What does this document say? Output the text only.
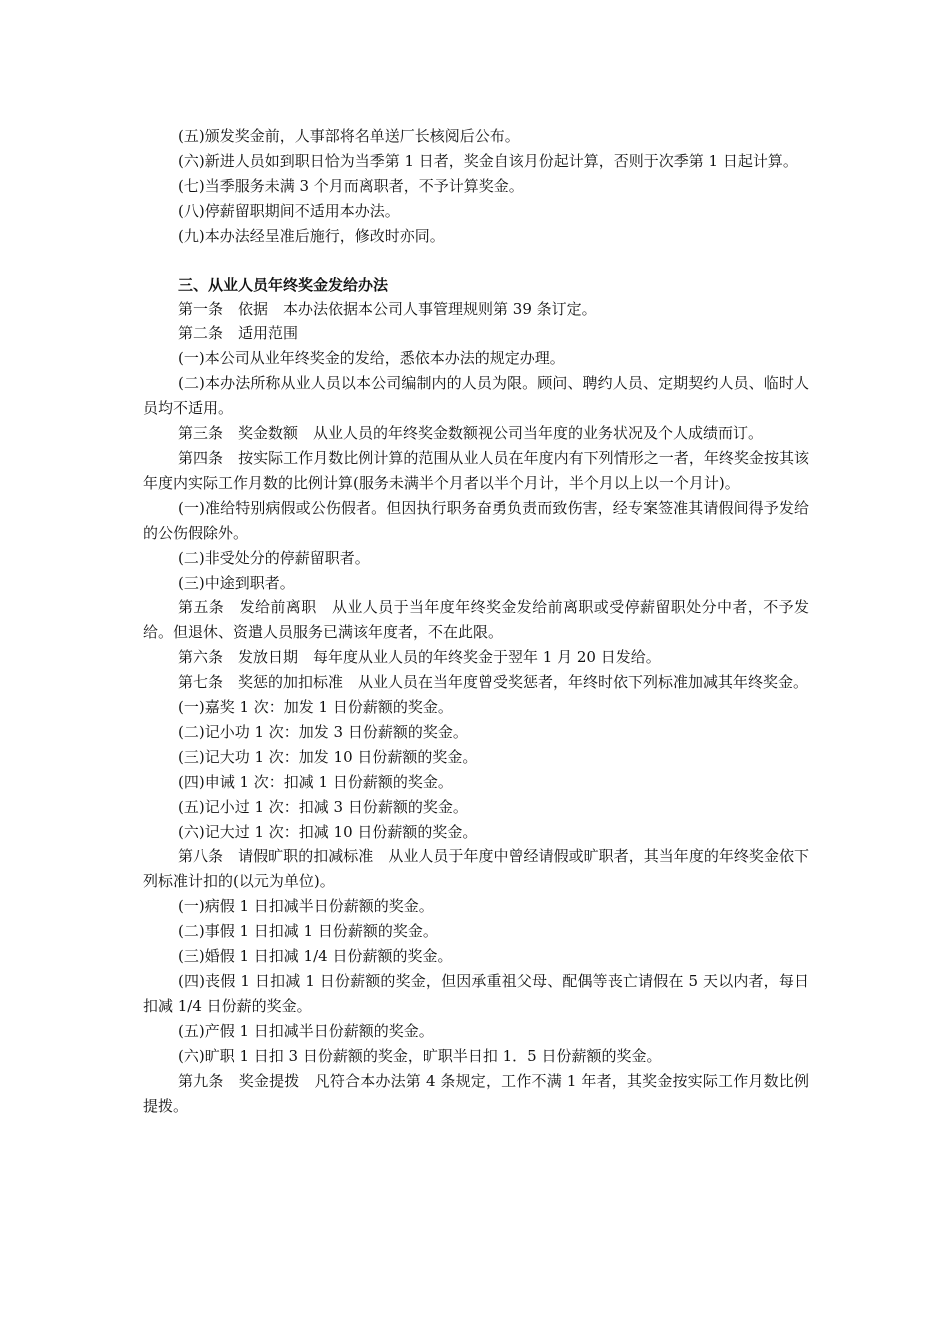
(五)颁发奖金前，人事部将名单送厂长核阅后公布。

(六)新进人员如到职日恰为当季第 1 日者，奖金自该月份起计算，否则于次季第 1 日起计算。

(七)当季服务未满 3 个月而离职者，不予计算奖金。

(八)停薪留职期间不适用本办法。

(九)本办法经呈准后施行，修改时亦同。

三、从业人员年终奖金发给办法

第一条　依据　本办法依据本公司人事管理规则第 39 条订定。

第二条　适用范围

(一)本公司从业年终奖金的发给，悉依本办法的规定办理。

(二)本办法所称从业人员以本公司编制内的人员为限。顾问、聘约人员、定期契约人员、临时人员均不适用。

第三条　奖金数额　从业人员的年终奖金数额视公司当年度的业务状况及个人成绩而订。

第四条　按实际工作月数比例计算的范围从业人员在年度内有下列情形之一者，年终奖金按其该年度内实际工作月数的比例计算(服务未满半个月者以半个月计，半个月以上以一个月计)。

(一)准给特别病假或公伤假者。但因执行职务奋勇负责而致伤害，经专案签准其请假间得予发给的公伤假除外。

(二)非受处分的停薪留职者。

(三)中途到职者。

第五条　发给前离职　从业人员于当年度年终奖金发给前离职或受停薪留职处分中者，不予发给。但退休、资遣人员服务已满该年度者，不在此限。

第六条　发放日期　每年度从业人员的年终奖金于翌年 1 月 20 日发给。

第七条　奖惩的加扣标准　从业人员在当年度曾受奖惩者，年终时依下列标准加减其年终奖金。

(一)嘉奖 1 次：加发 1 日份薪额的奖金。

(二)记小功 1 次：加发 3 日份薪额的奖金。

(三)记大功 1 次：加发 10 日份薪额的奖金。

(四)申诫 1 次：扣减 1 日份薪额的奖金。

(五)记小过 1 次：扣减 3 日份薪额的奖金。

(六)记大过 1 次：扣减 10 日份薪额的奖金。

第八条　请假旷职的扣减标准　从业人员于年度中曾经请假或旷职者，其当年度的年终奖金依下列标准计扣的(以元为单位)。

(一)病假 1 日扣减半日份薪额的奖金。

(二)事假 1 日扣减 1 日份薪额的奖金。

(三)婚假 1 日扣减 1/4 日份薪额的奖金。

(四)丧假 1 日扣减 1 日份薪额的奖金，但因承重祖父母、配偶等丧亡请假在 5 天以内者，每日扣减 1/4 日份薪的奖金。

(五)产假 1 日扣减半日份薪额的奖金。

(六)旷职 1 日扣 3 日份薪额的奖金，旷职半日扣 1．5 日份薪额的奖金。

第九条　奖金提拨　凡符合本办法第 4 条规定，工作不满 1 年者，其奖金按实际工作月数比例提拨。
